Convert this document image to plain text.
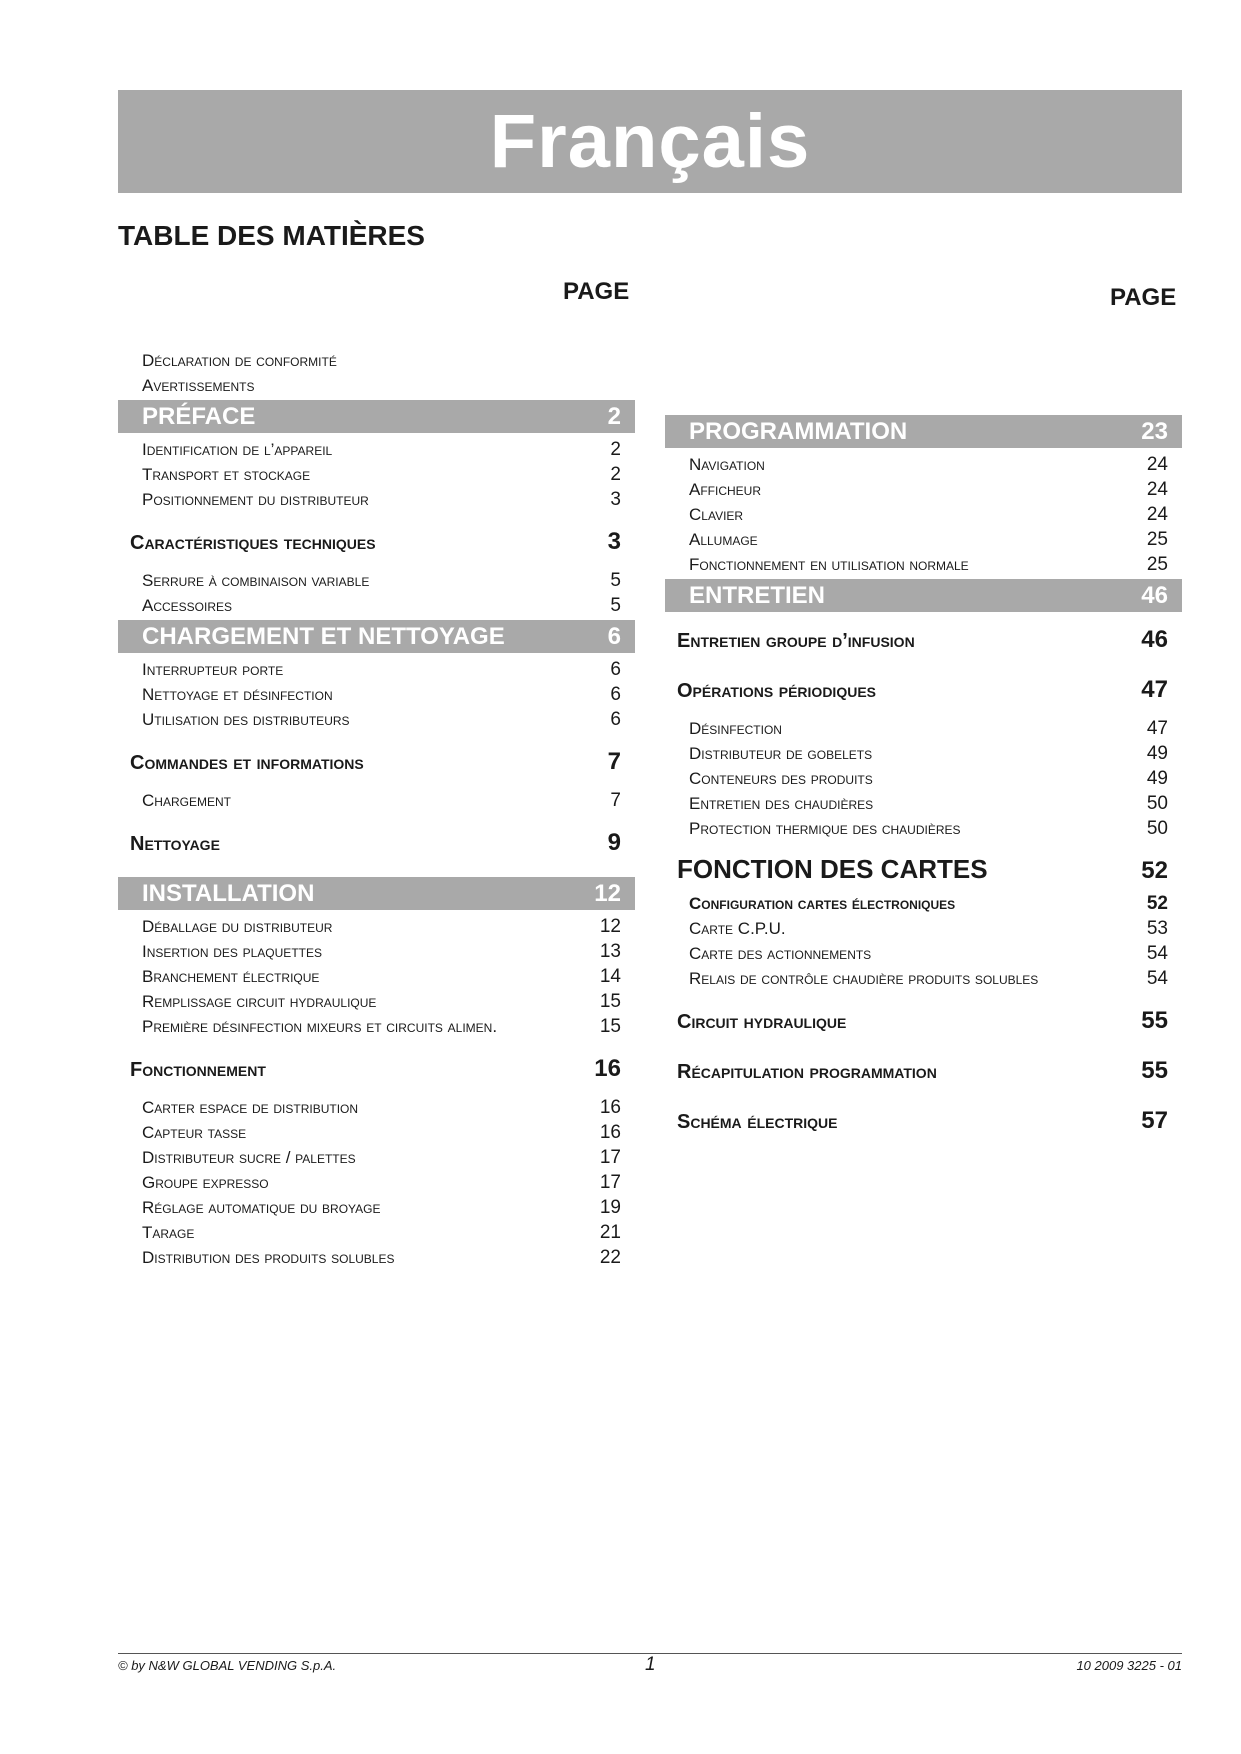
Français
TABLE DES MATIÈRES
PAGE	PAGE
Déclaration de conformité
Avertissements
PRÉFACE	2
Identification de l’appareil	2
Transport et stockage	2
Positionnement du distributeur	3
Caractéristiques techniques	3
Serrure à combinaison variable	5
Accessoires	5
CHARGEMENT ET NETTOYAGE	6
Interrupteur porte	6
Nettoyage et désinfection	6
Utilisation des distributeurs	6
Commandes et informations	7
Chargement	7
Nettoyage	9
INSTALLATION	12
Déballage du distributeur	12
Insertion des plaquettes	13
Branchement électrique	14
Remplissage circuit hydraulique	15
Première désinfection mixeurs et circuits alimen.	15
Fonctionnement	16
Carter espace de distribution	16
Capteur tasse	16
Distributeur sucre / palettes	17
Groupe expresso	17
Réglage automatique du broyage	19
Tarage	21
Distribution des produits solubles	22
PROGRAMMATION	23
Navigation	24
Afficheur	24
Clavier	24
Allumage	25
Fonctionnement en utilisation normale	25
ENTRETIEN	46
Entretien groupe d’infusion	46
Opérations périodiques	47
Désinfection	47
Distributeur de gobelets	49
Conteneurs des produits	49
Entretien des chaudières	50
Protection thermique des chaudières	50
FONCTION DES CARTES	52
Configuration cartes électroniques	52
Carte C.P.U.	53
Carte des actionnements	54
Relais de contrôle chaudière produits solubles	54
Circuit hydraulique	55
Récapitulation programmation	55
Schéma électrique	57
© by N&W GLOBAL VENDING S.p.A.	1	10 2009 3225 - 01
